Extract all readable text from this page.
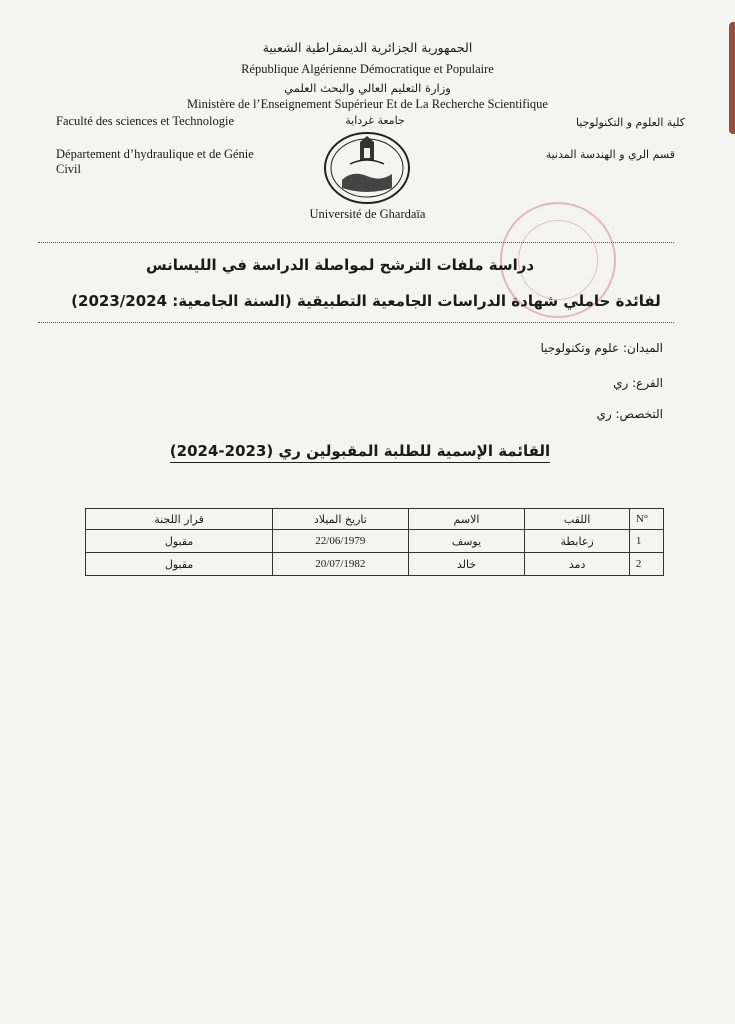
الجمهورية الجزائرية الديمقراطية الشعبية
République Algérienne Démocratique et Populaire
وزارة التعليم العالي والبحث العلمي
Ministère de l’Enseignement Supérieur Et de La Recherche Scientifique
Faculté des sciences et Technologie
Département d’hydraulique et de Génie Civil
جامعة غرداية	كلية العلوم و التكنولوجيا
قسم الري و الهندسة المدنية
Université de Ghardaïa
دراسة ملفات الترشح لمواصلة الدراسة في الليسانس
لفائدة حاملي شهادة الدراسات الجامعية التطبيقية (السنة الجامعية: 2023/2024)
الميدان: علوم وتكنولوجيا
الفرع: ري
التخصص: ري
القائمة الإسمية للطلبة المقبولين ري (2023-2024)
قرار اللجنة	تاريخ الميلاد	الاسم	اللقب	N°
مقبول	22/06/1979	يوسف	زعابطة	1
مقبول	20/07/1982	خالد	دمد	2
